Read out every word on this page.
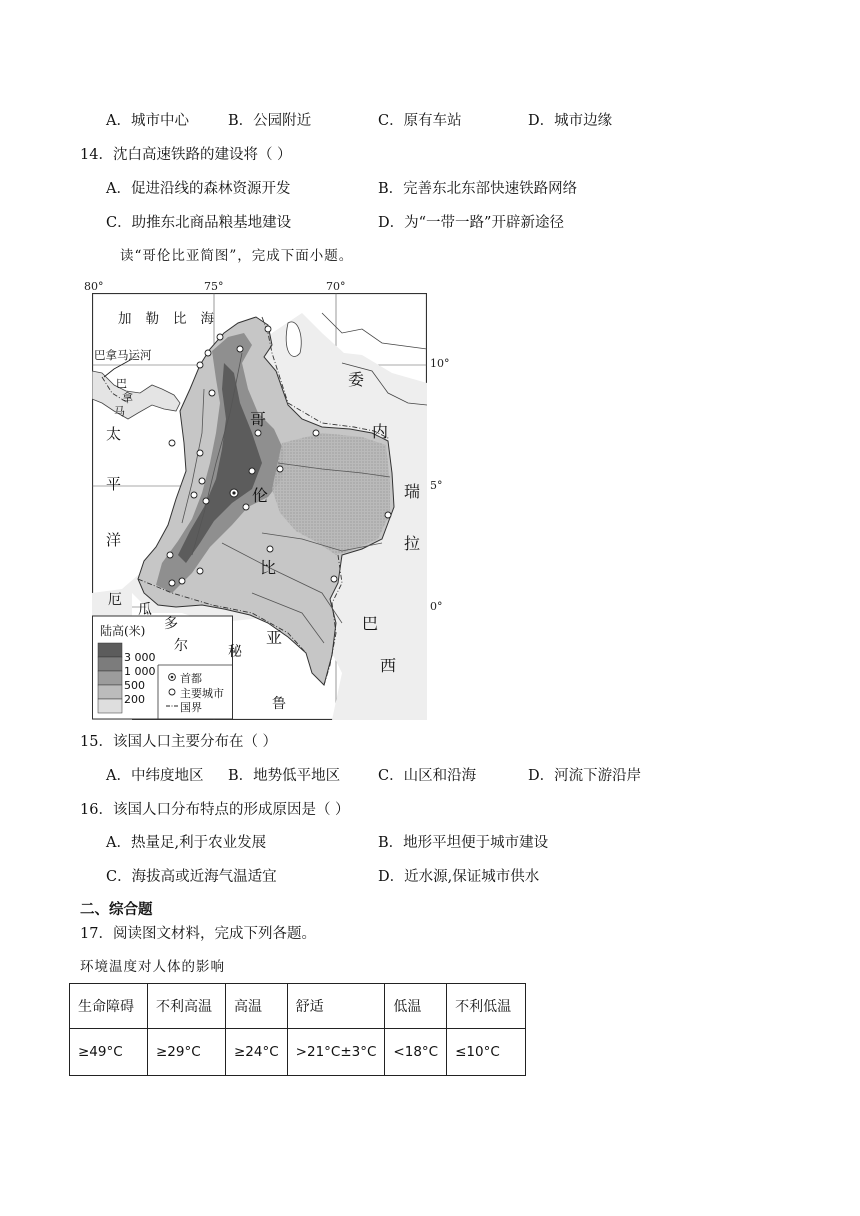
A．城市中心	B．公园附近	C．原有车站	D．城市边缘
14．沈白高速铁路的建设将（ ）
A．促进沿线的森林资源开发	B．完善东北东部快速铁路网络
C．助推东北商品粮基地建设	D．为“一带一路”开辟新途径
读“哥伦比亚简图”，完成下面小题。
80°	75°	70°
10°
5°
0°
加勒比海
巴拿马运河
巴
拿
马
太
平
洋
厄
瓜
多
尔
哥
伦
比
亚
委
内
瑞
拉
巴
西
秘
鲁
陆高(米)
3 000
1 000
500
200
首都
主要城市
国界
15．该国人口主要分布在（ ）
A．中纬度地区 B．地势低平地区	C．山区和沿海	D．河流下游沿岸
16．该国人口分布特点的形成原因是（ ）
A．热量足,利于农业发展	B．地形平坦便于城市建设
C．海拔高或近海气温适宜	D．近水源,保证城市供水
二、综合题
17．阅读图文材料，完成下列各题。
环境温度对人体的影响
生命障碍	不利高温	高温	舒适	低温	不利低温
≥49°C	≥29°C	≥24°C	>21°C±3°C	<18°C	≤10°C
